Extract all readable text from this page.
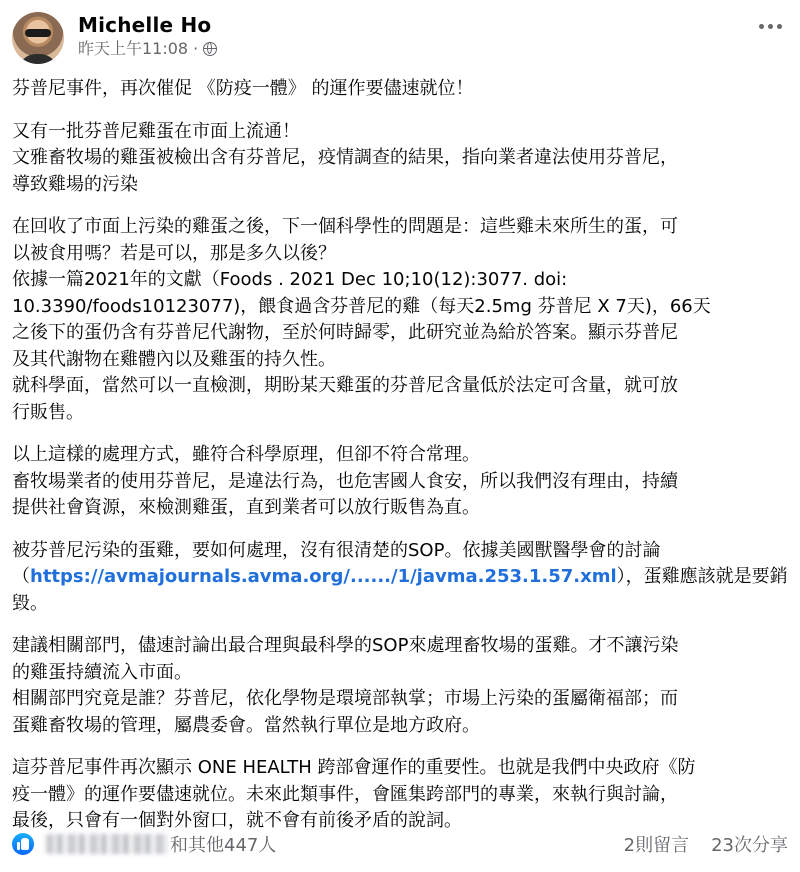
Michelle Ho
昨天上午11:08 ·

芬普尼事件，再次催促 《防疫一體》 的運作要儘速就位！

又有一批芬普尼雞蛋在市面上流通！
文雅畜牧場的雞蛋被檢出含有芬普尼，疫情調查的結果，指向業者違法使用芬普尼，
導致雞場的污染

在回收了市面上污染的雞蛋之後，下一個科學性的問題是：這些雞未來所生的蛋，可
以被食用嗎？若是可以，那是多久以後？
依據一篇2021年的文獻（Foods . 2021 Dec 10;10(12):3077. doi:
10.3390/foods10123077)，餵食過含芬普尼的雞（每天2.5mg 芬普尼 X 7天)，66天
之後下的蛋仍含有芬普尼代謝物，至於何時歸零，此研究並為給於答案。顯示芬普尼
及其代謝物在雞體內以及雞蛋的持久性。
就科學面，當然可以一直檢測，期盼某天雞蛋的芬普尼含量低於法定可含量，就可放
行販售。

以上這樣的處理方式，雖符合科學原理，但卻不符合常理。
畜牧場業者的使用芬普尼，是違法行為，也危害國人食安，所以我們沒有理由，持續
提供社會資源，來檢測雞蛋，直到業者可以放行販售為直。

被芬普尼污染的蛋雞，要如何處理，沒有很清楚的SOP。依據美國獸醫學會的討論
（https://avmajournals.avma.org/....../1/javma.253.1.57.xml），蛋雞應該就是要銷
毀。

建議相關部門，儘速討論出最合理與最科學的SOP來處理畜牧場的蛋雞。才不讓污染
的雞蛋持續流入市面。
相關部門究竟是誰？芬普尼，依化學物是環境部執掌；市場上污染的蛋屬衛福部；而
蛋雞畜牧場的管理，屬農委會。當然執行單位是地方政府。

這芬普尼事件再次顯示 ONE HEALTH 跨部會運作的重要性。也就是我們中央政府《防
疫一體》的運作要儘速就位。未來此類事件，會匯集跨部門的專業，來執行與討論，
最後，只會有一個對外窗口，就不會有前後矛盾的說詞。

和其他447人	2則留言 23次分享
